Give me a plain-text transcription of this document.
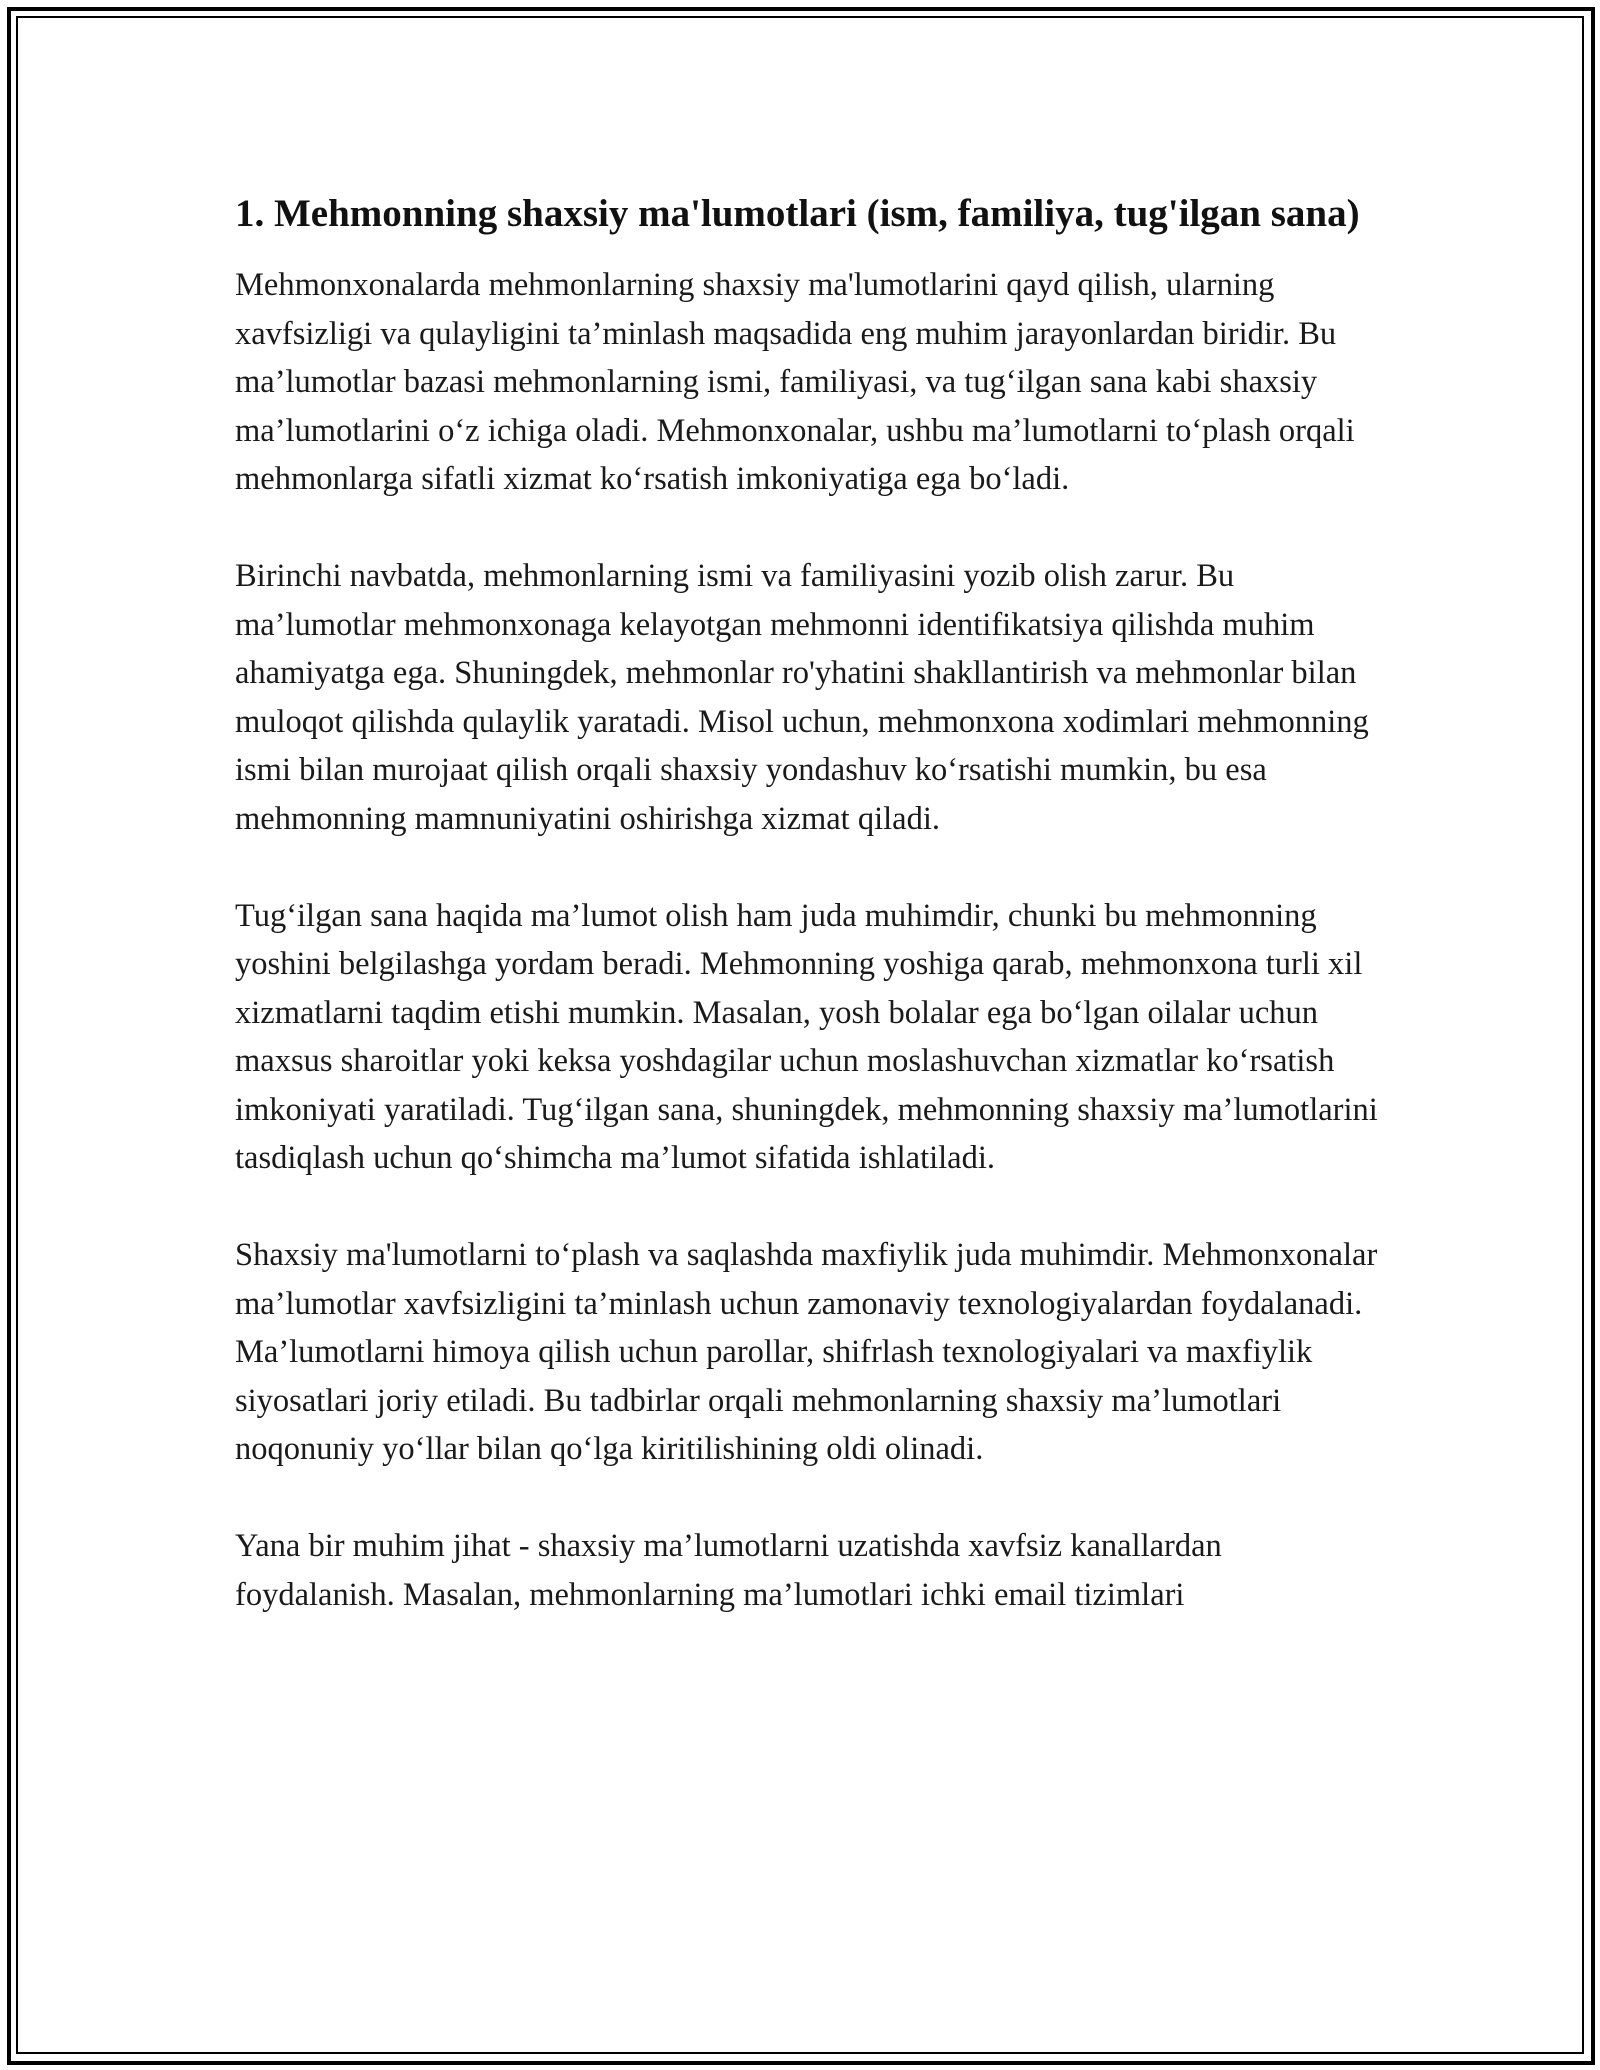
1. Mehmonning shaxsiy ma'lumotlari (ism, familiya, tug'ilgan sana)

Mehmonxonalarda mehmonlarning shaxsiy ma'lumotlarini qayd qilish, ularning xavfsizligi va qulayligini ta’minlash maqsadida eng muhim jarayonlardan biridir. Bu ma’lumotlar bazasi mehmonlarning ismi, familiyasi, va tug‘ilgan sana kabi shaxsiy ma’lumotlarini o‘z ichiga oladi. Mehmonxonalar, ushbu ma’lumotlarni to‘plash orqali mehmonlarga sifatli xizmat ko‘rsatish imkoniyatiga ega bo‘ladi.

Birinchi navbatda, mehmonlarning ismi va familiyasini yozib olish zarur. Bu ma’lumotlar mehmonxonaga kelayotgan mehmonni identifikatsiya qilishda muhim ahamiyatga ega. Shuningdek, mehmonlar ro'yhatini shakllantirish va mehmonlar bilan muloqot qilishda qulaylik yaratadi. Misol uchun, mehmonxona xodimlari mehmonning ismi bilan murojaat qilish orqali shaxsiy yondashuv ko‘rsatishi mumkin, bu esa mehmonning mamnuniyatini oshirishga xizmat qiladi.

Tug‘ilgan sana haqida ma’lumot olish ham juda muhimdir, chunki bu mehmonning yoshini belgilashga yordam beradi. Mehmonning yoshiga qarab, mehmonxona turli xil xizmatlarni taqdim etishi mumkin. Masalan, yosh bolalar ega bo‘lgan oilalar uchun maxsus sharoitlar yoki keksa yoshdagilar uchun moslashuvchan xizmatlar ko‘rsatish imkoniyati yaratiladi. Tug‘ilgan sana, shuningdek, mehmonning shaxsiy ma’lumotlarini tasdiqlash uchun qo‘shimcha ma’lumot sifatida ishlatiladi.

Shaxsiy ma'lumotlarni to‘plash va saqlashda maxfiylik juda muhimdir. Mehmonxonalar ma’lumotlar xavfsizligini ta’minlash uchun zamonaviy texnologiyalardan foydalanadi. Ma’lumotlarni himoya qilish uchun parollar, shifrlash texnologiyalari va maxfiylik siyosatlari joriy etiladi. Bu tadbirlar orqali mehmonlarning shaxsiy ma’lumotlari noqonuniy yo‘llar bilan qo‘lga kiritilishining oldi olinadi.

Yana bir muhim jihat - shaxsiy ma’lumotlarni uzatishda xavfsiz kanallardan foydalanish. Masalan, mehmonlarning ma’lumotlari ichki email tizimlari
